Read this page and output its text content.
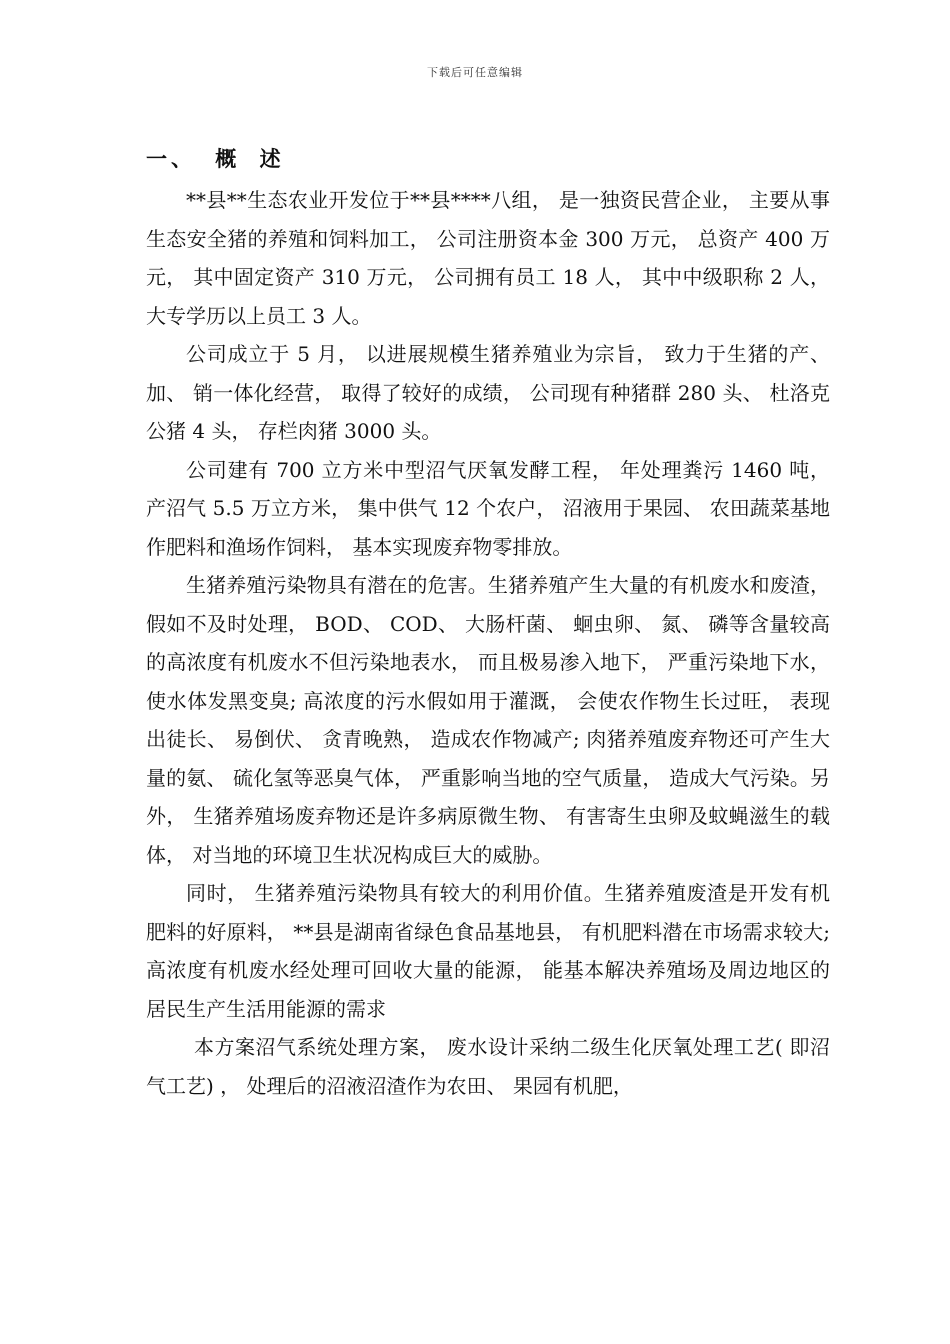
下载后可任意编辑
一、 概 述

**县**生态农业开发位于**县****八组， 是一独资民营企业， 主要从事生态安全猪的养殖和饲料加工， 公司注册资本金 300 万元， 总资产 400 万元， 其中固定资产 310 万元， 公司拥有员工 18 人， 其中中级职称 2 人， 大专学历以上员工 3 人。

公司成立于 5 月， 以进展规模生猪养殖业为宗旨， 致力于生猪的产、 加、 销一体化经营， 取得了较好的成绩， 公司现有种猪群 280 头、 杜洛克公猪 4 头， 存栏肉猪 3000 头。

公司建有 700 立方米中型沼气厌氧发酵工程， 年处理粪污 1460 吨， 产沼气 5.5 万立方米， 集中供气 12 个农户， 沼液用于果园、 农田蔬菜基地作肥料和渔场作饲料， 基本实现废弃物零排放。

生猪养殖污染物具有潜在的危害。生猪养殖产生大量的有机废水和废渣， 假如不及时处理， BOD、 COD、 大肠杆菌、 蛔虫卵、 氮、 磷等含量较高的高浓度有机废水不但污染地表水， 而且极易渗入地下， 严重污染地下水， 使水体发黑变臭; 高浓度的污水假如用于灌溉， 会使农作物生长过旺， 表现出徒长、 易倒伏、 贪青晚熟， 造成农作物减产; 肉猪养殖废弃物还可产生大量的氨、 硫化氢等恶臭气体， 严重影响当地的空气质量， 造成大气污染。另外， 生猪养殖场废弃物还是许多病原微生物、 有害寄生虫卵及蚊蝇滋生的载体， 对当地的环境卫生状况构成巨大的威胁。

同时， 生猪养殖污染物具有较大的利用价值。生猪养殖废渣是开发有机肥料的好原料， **县是湖南省绿色食品基地县， 有机肥料潜在市场需求较大; 高浓度有机废水经处理可回收大量的能源， 能基本解决养殖场及周边地区的居民生产生活用能源的需求

本方案沼气系统处理方案， 废水设计采纳二级生化厌氧处理工艺( 即沼气工艺) ， 处理后的沼液沼渣作为农田、 果园有机肥，
